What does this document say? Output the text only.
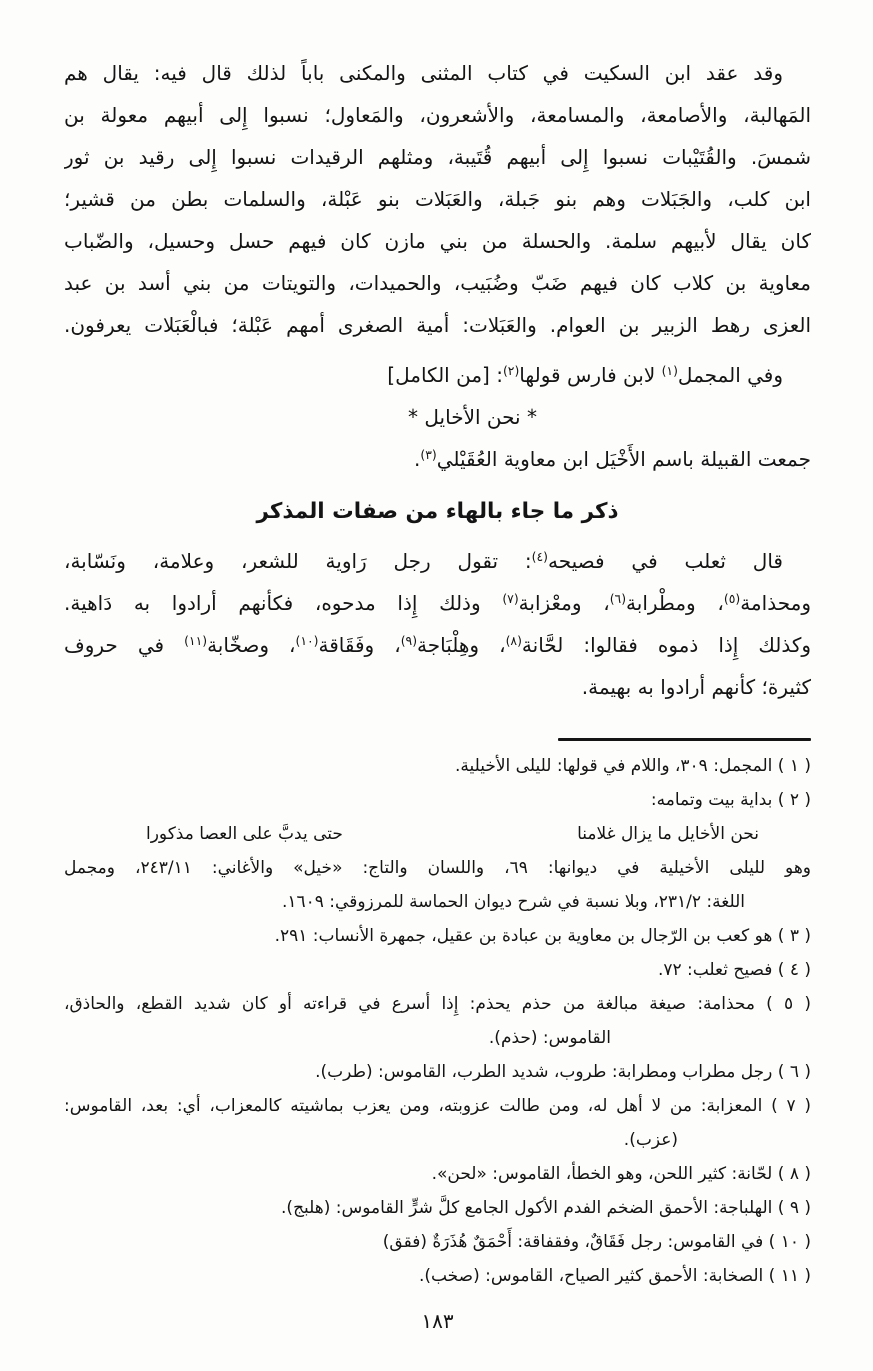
وقد عقد ابن السكيت في كتاب المثنى والمكنى باباً لذلك قال فيه: يقال هم
المَهالبة، والأصامعة، والمسامعة، والأشعرون، والمَعاول؛ نسبوا إِلى أبيهم معولة بن
شمسَ. والقُتَيْبات نسبوا إِلى أبيهم قُتَيبة، ومثلهم الرقيدات نسبوا إِلى رقيد بن ثور
ابن كلب، والجَبَلات وهم بنو جَبلة، والعَبَلات بنو عَبْلة، والسلمات بطن من قشير؛
كان يقال لأبيهم سلمة. والحسلة من بني مازن كان فيهم حسل وحسيل، والضّباب
معاوية بن كلاب كان فيهم ضَبّ وضُبَيب، والحميدات، والتويتات من بني أسد بن عبد
العزى رهط الزبير بن العوام. والعَبَلات: أمية الصغرى أمهم عَبْلة؛ فبالْعَبَلات يعرفون.
وفي المجمل$^{(١)}$ لابن فارس قولها$^{(٢)}$: [من الكامل]
* نحن الأخايل *
جمعت القبيلة باسم الأَخْيَل ابن معاوية العُقَيْلي$^{(٣)}$.
ذكر ما جاء بالهاء من صفات المذكر
قال ثعلب في فصيحه$^{(٤)}$: تقول رجل رَاوية للشعر، وعلامة، ونَسّابة،
ومحذامة$^{(٥)}$، ومطْرابة$^{(٦)}$، ومعْزابة$^{(٧)}$ وذلك إِذا مدحوه، فكأنهم أرادوا به دَاهية.
وكذلك إِذا ذموه فقالوا: لحَّانة$^{(٨)}$، وهِلْبَاجة$^{(٩)}$، وفَقَاقة$^{(١٠)}$، وصخّابة$^{(١١)}$ في حروف
كثيرة؛ كأنهم أرادوا به بهيمة.
( ١ ) المجمل: ٣٠٩، واللام في قولها: لليلى الأخيلية.
( ٢ ) بداية بيت وتمامه:
نحن الأخايل ما يزال غلامنا
حتى يدبَّ على العصا مذكورا
وهو لليلى الأخيلية في ديوانها: ٦٩، واللسان والتاج: «خيل» والأغاني: ٢٤٣/١١، ومجمل
اللغة: ٢٣١/٢، وبلا نسبة في شرح ديوان الحماسة للمرزوقي: ١٦٠٩.
( ٣ ) هو كعب بن الرّجال بن معاوية بن عبادة بن عقيل، جمهرة الأنساب: ٢٩١.
( ٤ ) فصيح ثعلب: ٧٢.
( ٥ ) محذامة: صيغة مبالغة من حذم يحذم: إِذا أسرع في قراءته أو كان شديد القطع، والحاذق،
القاموس: (حذم).
( ٦ ) رجل مطراب ومطرابة: طروب، شديد الطرب، القاموس: (طرب).
( ٧ ) المعزابة: من لا أهل له، ومن طالت عزوبته، ومن يعزب بماشيته كالمعزاب، أي: بعد، القاموس:
(عزب).
( ٨ ) لحّانة: كثير اللحن، وهو الخطأ، القاموس: «لحن».
( ٩ ) الهلباجة: الأحمق الضخم الفدم الأكول الجامع كلَّ شرٍّ القاموس: (هلبج).
( ١٠ ) في القاموس: رجل فَقَاقٌ، وفقفاقة: أَحْمَقٌ هُذَرَةٌ (فقق)
( ١١ ) الصخابة: الأحمق كثير الصياح، القاموس: (صخب).
١٨٣
